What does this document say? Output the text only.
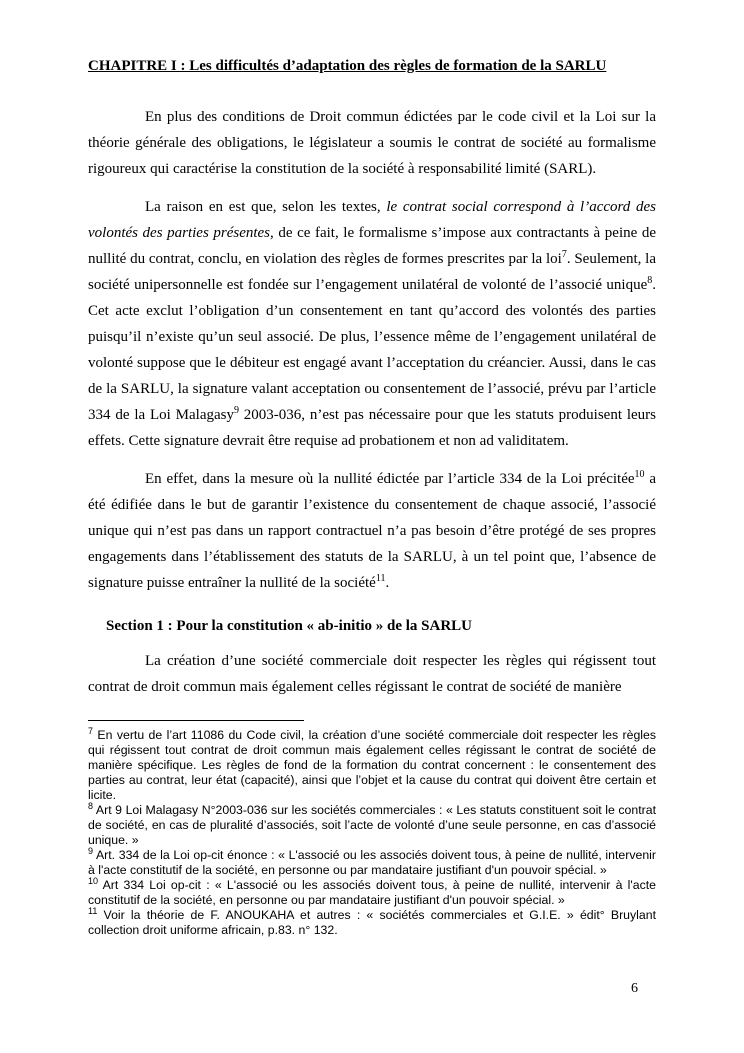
CHAPITRE I : Les difficultés d’adaptation des règles de formation de la SARLU

En plus des conditions de Droit commun édictées par le code civil et la Loi sur la théorie générale des obligations, le législateur a soumis le contrat de société au formalisme rigoureux qui caractérise la constitution de la société à responsabilité limité (SARL).

La raison en est que, selon les textes, le contrat social correspond à l’accord des volontés des parties présentes, de ce fait, le formalisme s’impose aux contractants à peine de nullité du contrat, conclu, en violation des règles de formes prescrites par la loi$^7$. Seulement, la société unipersonnelle est fondée sur l’engagement unilatéral de volonté de l’associé unique$^8$. Cet acte exclut l’obligation d’un consentement en tant qu’accord des volontés des parties puisqu’il n’existe qu’un seul associé. De plus, l’essence même de l’engagement unilatéral de volonté suppose que le débiteur est engagé avant l’acceptation du créancier. Aussi, dans le cas de la SARLU, la signature valant acceptation ou consentement de l’associé, prévu par l’article 334 de la Loi Malagasy$^9$ 2003-036, n’est pas nécessaire pour que les statuts produisent leurs effets. Cette signature devrait être requise ad probationem et non ad validitatem.

En effet, dans la mesure où la nullité édictée par l’article 334 de la Loi précitée$^{10}$ a été édifiée dans le but de garantir l’existence du consentement de chaque associé, l’associé unique qui n’est pas dans un rapport contractuel n’a pas besoin d’être protégé de ses propres engagements dans l’établissement des statuts de la SARLU, à un tel point que, l’absence de signature puisse entraîner la nullité de la société$^{11}$.

Section 1 : Pour la constitution « ab-initio » de la SARLU

La création d’une société commerciale doit respecter les règles qui régissent tout contrat de droit commun mais également celles régissant le contrat de société de manière

$^7$ En vertu de l’art 11086 du Code civil, la création d’une société commerciale doit respecter les règles qui régissent tout contrat de droit commun mais également celles régissant le contrat de société de manière spécifique. Les règles de fond de la formation du contrat concernent : le consentement des parties au contrat, leur état (capacité), ainsi que l’objet et la cause du contrat qui doivent être certain et licite.

$^8$ Art 9 Loi Malagasy N°2003-036 sur les sociétés commerciales : « Les statuts constituent soit le contrat de société, en cas de pluralité d’associés, soit l’acte de volonté d’une seule personne, en cas d’associé unique. »

$^9$ Art. 334 de la Loi op-cit énonce : « L'associé ou les associés doivent tous, à peine de nullité, intervenir à l'acte constitutif de la société, en personne ou par mandataire justifiant d'un pouvoir spécial. »

$^{10}$ Art 334 Loi op-cit : « L'associé ou les associés doivent tous, à peine de nullité, intervenir à l'acte constitutif de la société, en personne ou par mandataire justifiant d'un pouvoir spécial. »

$^{11}$ Voir la théorie de F. ANOUKAHA et autres : « sociétés commerciales et G.I.E. » édit° Bruylant collection droit uniforme africain, p.83. n° 132.

6
